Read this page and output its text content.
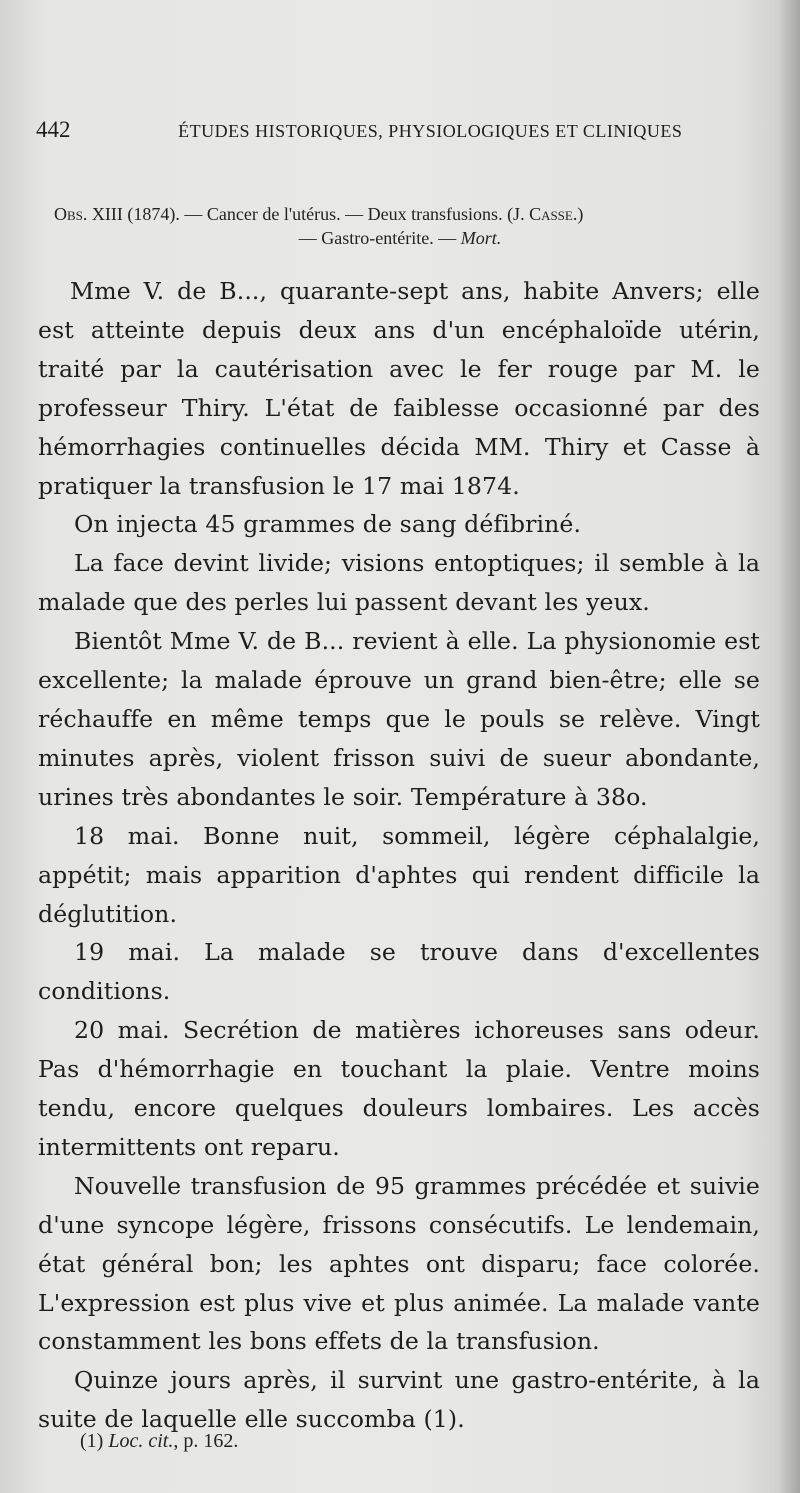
442	ÉTUDES HISTORIQUES, PHYSIOLOGIQUES ET CLINIQUES
Obs. XIII (1874). — Cancer de l'utérus. — Deux transfusions. (J. Casse.)
— Gastro-entérite. — Mort.

Mme V. de B..., quarante-sept ans, habite Anvers; elle est atteinte depuis deux ans d'un encéphaloïde utérin, traité par la cautérisation avec le fer rouge par M. le professeur Thiry. L'état de faiblesse occasionné par des hémorrhagies continuelles décida MM. Thiry et Casse à pratiquer la transfusion le 17 mai 1874.

On injecta 45 grammes de sang défibriné.

La face devint livide; visions entoptiques; il semble à la malade que des perles lui passent devant les yeux.

Bientôt Mme V. de B... revient à elle. La physionomie est excellente; la malade éprouve un grand bien-être; elle se réchauffe en même temps que le pouls se relève. Vingt minutes après, violent frisson suivi de sueur abondante, urines très abondantes le soir. Température à 38o.

18 mai. Bonne nuit, sommeil, légère céphalalgie, appétit; mais apparition d'aphtes qui rendent difficile la déglutition.

19 mai. La malade se trouve dans d'excellentes conditions.

20 mai. Secrétion de matières ichoreuses sans odeur. Pas d'hémorrhagie en touchant la plaie. Ventre moins tendu, encore quelques douleurs lombaires. Les accès intermittents ont reparu.

Nouvelle transfusion de 95 grammes précédée et suivie d'une syncope légère, frissons consécutifs. Le lendemain, état général bon; les aphtes ont disparu; face colorée. L'expression est plus vive et plus animée. La malade vante constamment les bons effets de la transfusion.

Quinze jours après, il survint une gastro-entérite, à la suite de laquelle elle succomba (1).

(1) Loc. cit., p. 162.
